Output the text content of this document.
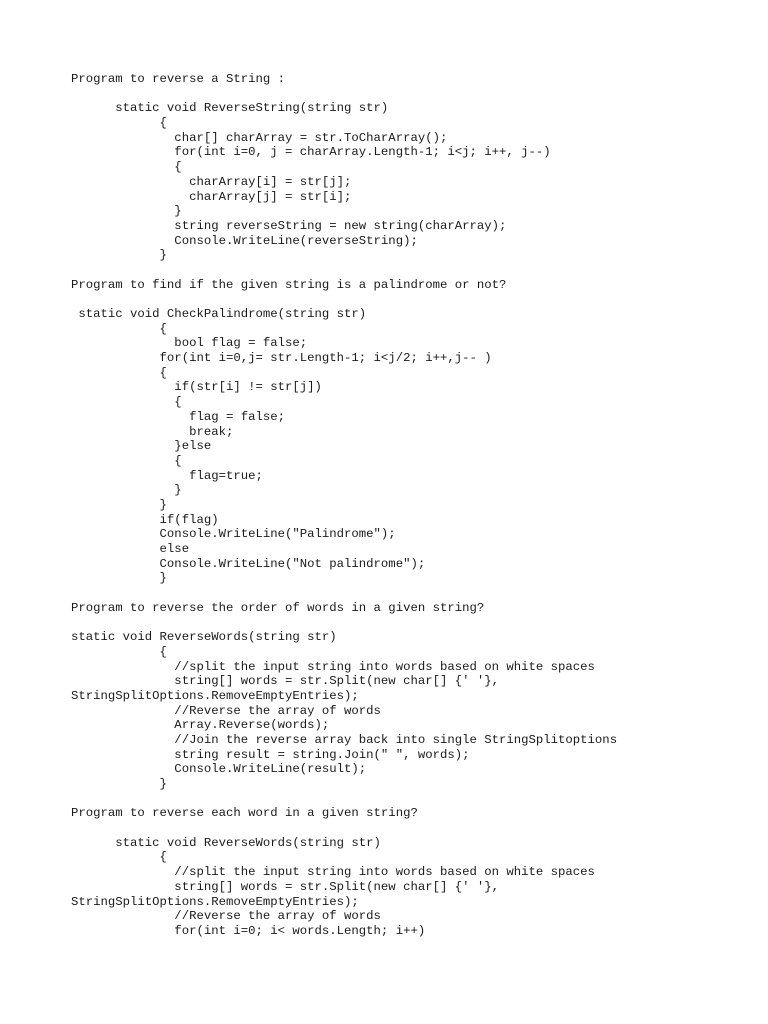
Program to reverse a String :
static void ReverseString(string str)
{
char[] charArray = str.ToCharArray();
for(int i=0, j = charArray.Length-1; i<j; i++, j--)
{
charArray[i] = str[j];
charArray[j] = str[i];
}
string reverseString = new string(charArray);
Console.WriteLine(reverseString);
}
Program to find if the given string is a palindrome or not?
static void CheckPalindrome(string str)
{
bool flag = false;
for(int i=0,j= str.Length-1; i<j/2; i++,j-- )
{
if(str[i] != str[j])
{
flag = false;
break;
}else
{
flag=true;
}
}
if(flag)
Console.WriteLine("Palindrome");
else
Console.WriteLine("Not palindrome");
}
Program to reverse the order of words in a given string?
static void ReverseWords(string str)
{
//split the input string into words based on white spaces
string[] words = str.Split(new char[] {' '},
StringSplitOptions.RemoveEmptyEntries);
//Reverse the array of words
Array.Reverse(words);
//Join the reverse array back into single StringSplitoptions
string result = string.Join(" ", words);
Console.WriteLine(result);
}
Program to reverse each word in a given string?
static void ReverseWords(string str)
{
//split the input string into words based on white spaces
string[] words = str.Split(new char[] {' '},
StringSplitOptions.RemoveEmptyEntries);
//Reverse the array of words
for(int i=0; i< words.Length; i++)
